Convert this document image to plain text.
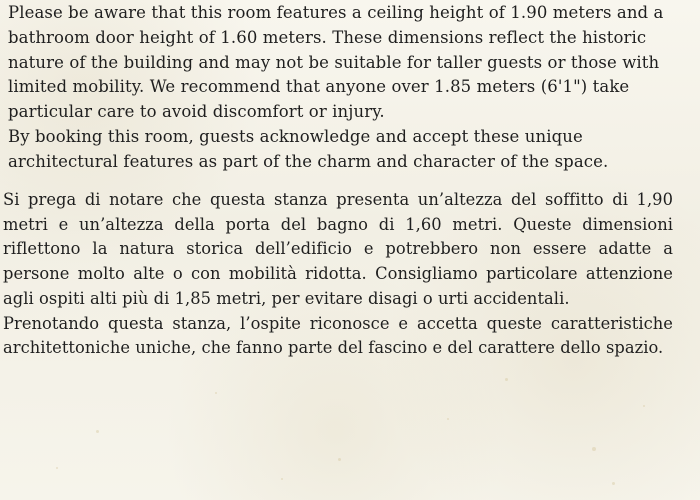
Please be aware that this room features a ceiling height of 1.90 meters and a bathroom door height of 1.60 meters. These dimensions reflect the historic nature of the building and may not be suitable for taller guests or those with limited mobility. We recommend that anyone over 1.85 meters (6'1") take particular care to avoid discomfort or injury.

By booking this room, guests acknowledge and accept these unique architectural features as part of the charm and character of the space.

Si prega di notare che questa stanza presenta un’altezza del soffitto di 1,90 metri e un’altezza della porta del bagno di 1,60 metri. Queste dimensioni riflettono la natura storica dell’edificio e potrebbero non essere adatte a persone molto alte o con mobilità ridotta. Consigliamo particolare attenzione agli ospiti alti più di 1,85 metri, per evitare disagi o urti accidentali.

Prenotando questa stanza, l’ospite riconosce e accetta queste caratteristiche architettoniche uniche, che fanno parte del fascino e del carattere dello spazio.
